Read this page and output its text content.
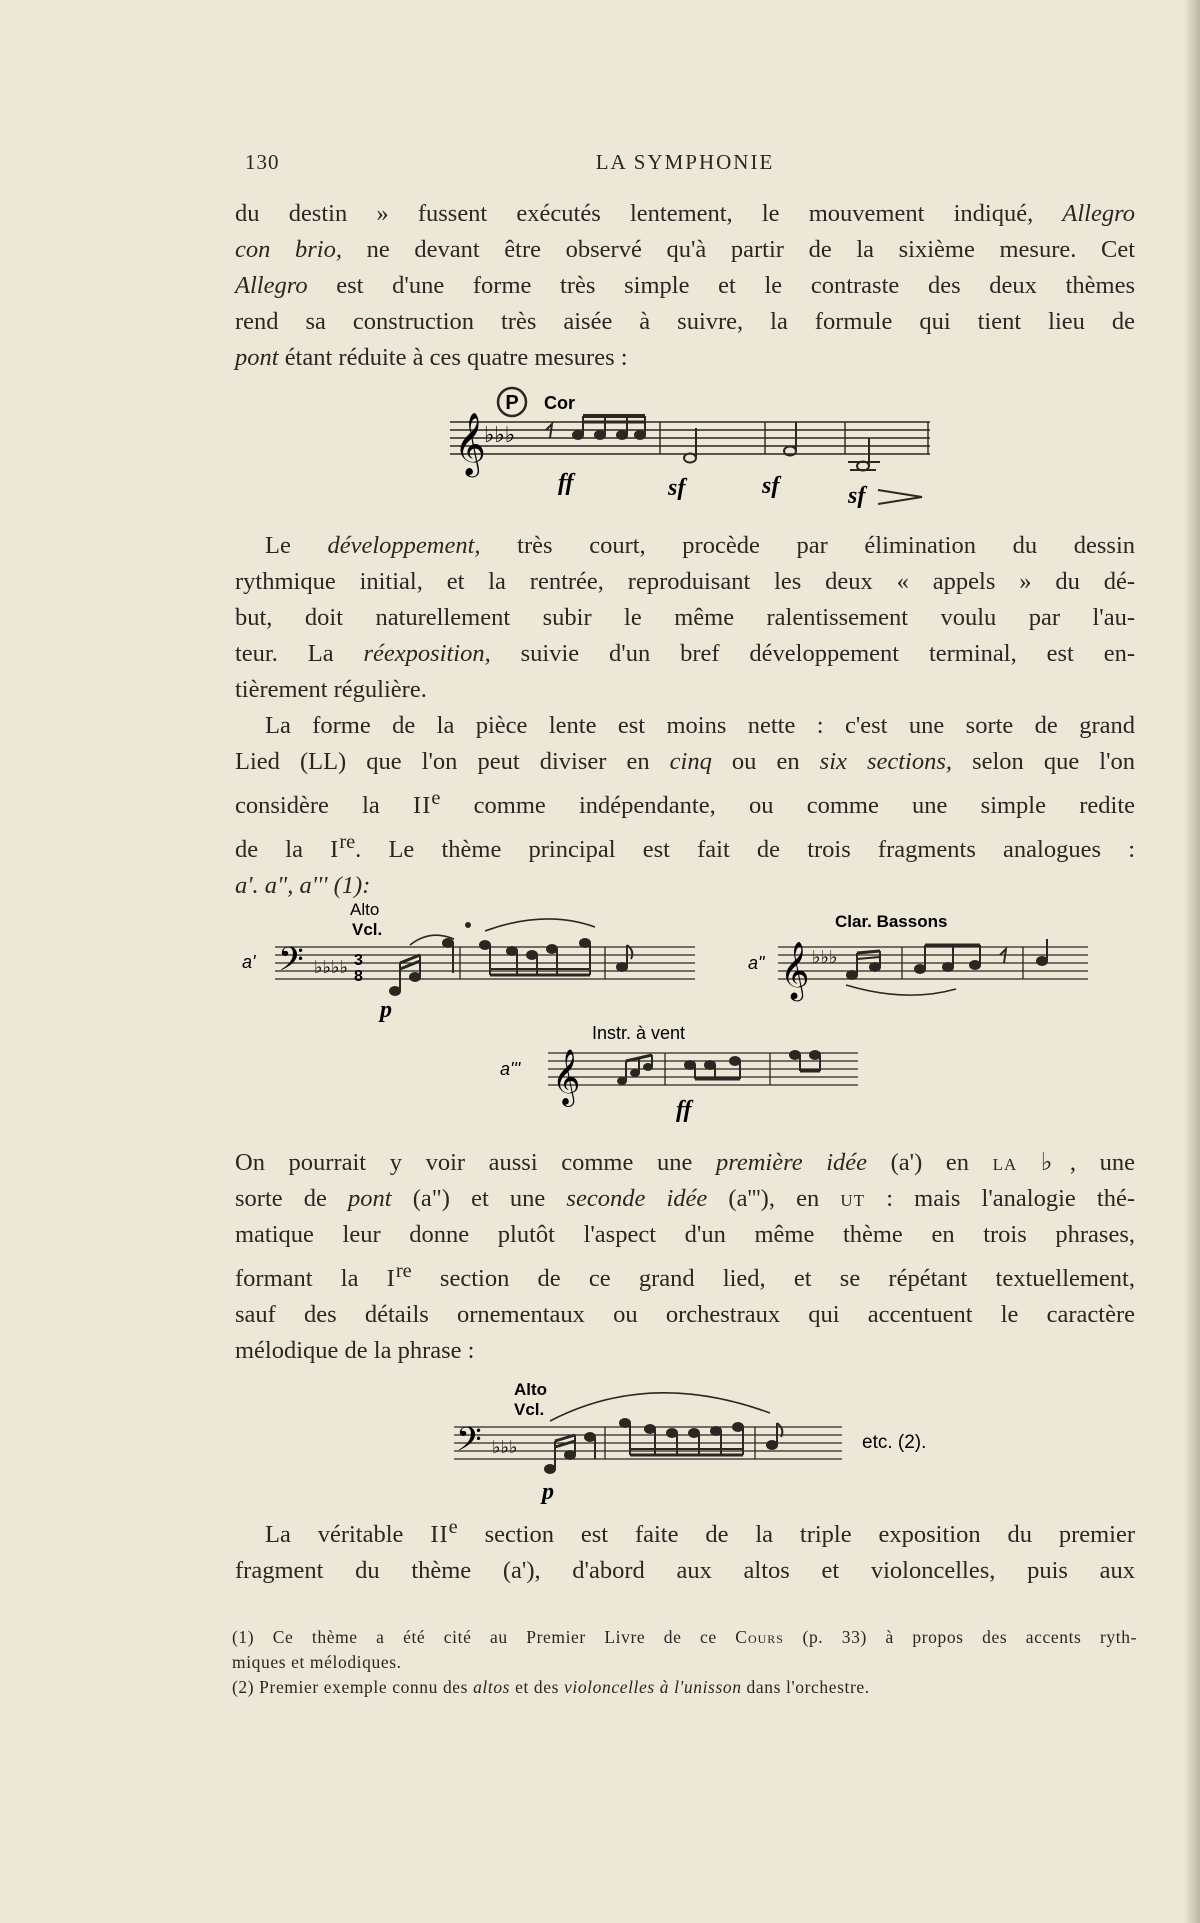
130	LA SYMPHONIE
du destin » fussent exécutés lentement, le mouvement indiqué, Allegro
con brio, ne devant être observé qu'à partir de la sixième mesure. Cet
Allegro est d'une forme très simple et le contraste des deux thèmes
rend sa construction très aisée à suivre, la formule qui tient lieu de
pont étant réduite à ces quatre mesures :
P Cor
𝄞
♭♭♭
ff	sf	sf	sf
Le développement, très court, procède par élimination du dessin
rythmique initial, et la rentrée, reproduisant les deux « appels » du dé-
but, doit naturellement subir le même ralentissement voulu par l'au-
teur. La réexposition, suivie d'un bref développement terminal, est en-
tièrement régulière.
La forme de la pièce lente est moins nette : c'est une sorte de grand
Lied (LL) que l'on peut diviser en cinq ou en six sections, selon que l'on
considère la IIe comme indépendante, ou comme une simple redite
de la Ire. Le thème principal est fait de trois fragments analogues :
a'. a", a''' (1):
a'
Alto
Vcl.
𝄢 ♭♭♭♭ 3
8
p
a"
Clar. Bassons
𝄞 ♭♭♭
a'''
Instr. à vent
𝄞
ff
On pourrait y voir aussi comme une première idée (a') en la ♭, une
sorte de pont (a") et une seconde idée (a'''), en ut : mais l'analogie thé-
matique leur donne plutôt l'aspect d'un même thème en trois phrases,
formant la Ire section de ce grand lied, et se répétant textuellement,
sauf des détails ornementaux ou orchestraux qui accentuent le caractère
mélodique de la phrase :
Alto
Vcl.
𝄢 ♭♭♭	etc. (2).
p
La véritable IIe section est faite de la triple exposition du premier
fragment du thème (a'), d'abord aux altos et violoncelles, puis aux
(1) Ce thème a été cité au Premier Livre de ce Cours (p. 33) à propos des accents ryth-
miques et mélodiques.
(2) Premier exemple connu des altos et des violoncelles à l'unisson dans l'orchestre.
